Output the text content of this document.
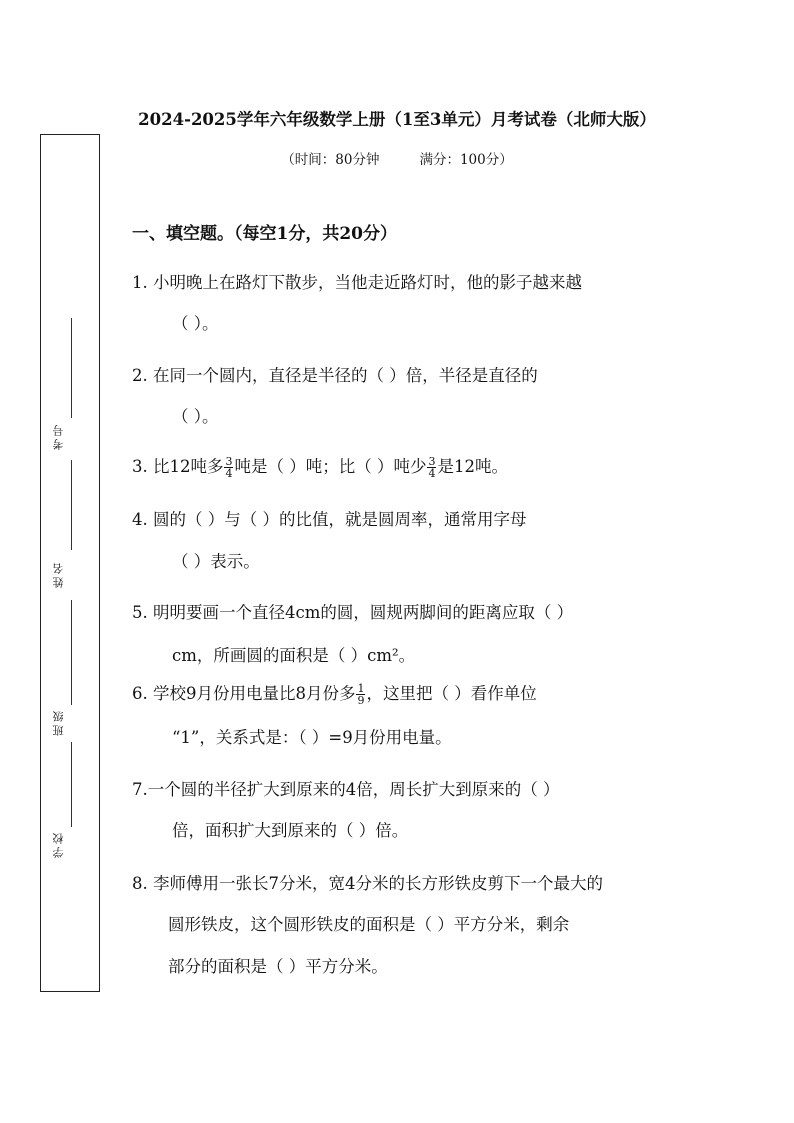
考号
姓名
班级
学校
2024-2025学年六年级数学上册（1至3单元）月考试卷（北师大版）
（时间：80分钟	满分：100分）
一、填空题。（每空1分，共20分）
1. 小明晚上在路灯下散步，当他走近路灯时，他的影子越来越
（ ）。
2. 在同一个圆内，直径是半径的（ ）倍，半径是直径的
（ ）。
3. 比12吨多 $\frac{3}{4}$ 吨是（ ）吨；比（ ）吨少 $\frac{3}{4}$ 是12吨。
4. 圆的（ ）与（ ）的比值，就是圆周率，通常用字母
（ ）表示。
5. 明明要画一个直径4cm的圆，圆规两脚间的距离应取（ ）
cm，所画圆的面积是（ ）cm²。
6. 学校9月份用电量比8月份多 $\frac{1}{9}$ ，这里把（ ）看作单位
“1”，关系式是：（ ）=9月份用电量。
7.一个圆的半径扩大到原来的4倍，周长扩大到原来的（ ）
倍，面积扩大到原来的（ ）倍。
8. 李师傅用一张长7分米，宽4分米的长方形铁皮剪下一个最大的
圆形铁皮，这个圆形铁皮的面积是（ ）平方分米，剩余
部分的面积是（ ）平方分米。
